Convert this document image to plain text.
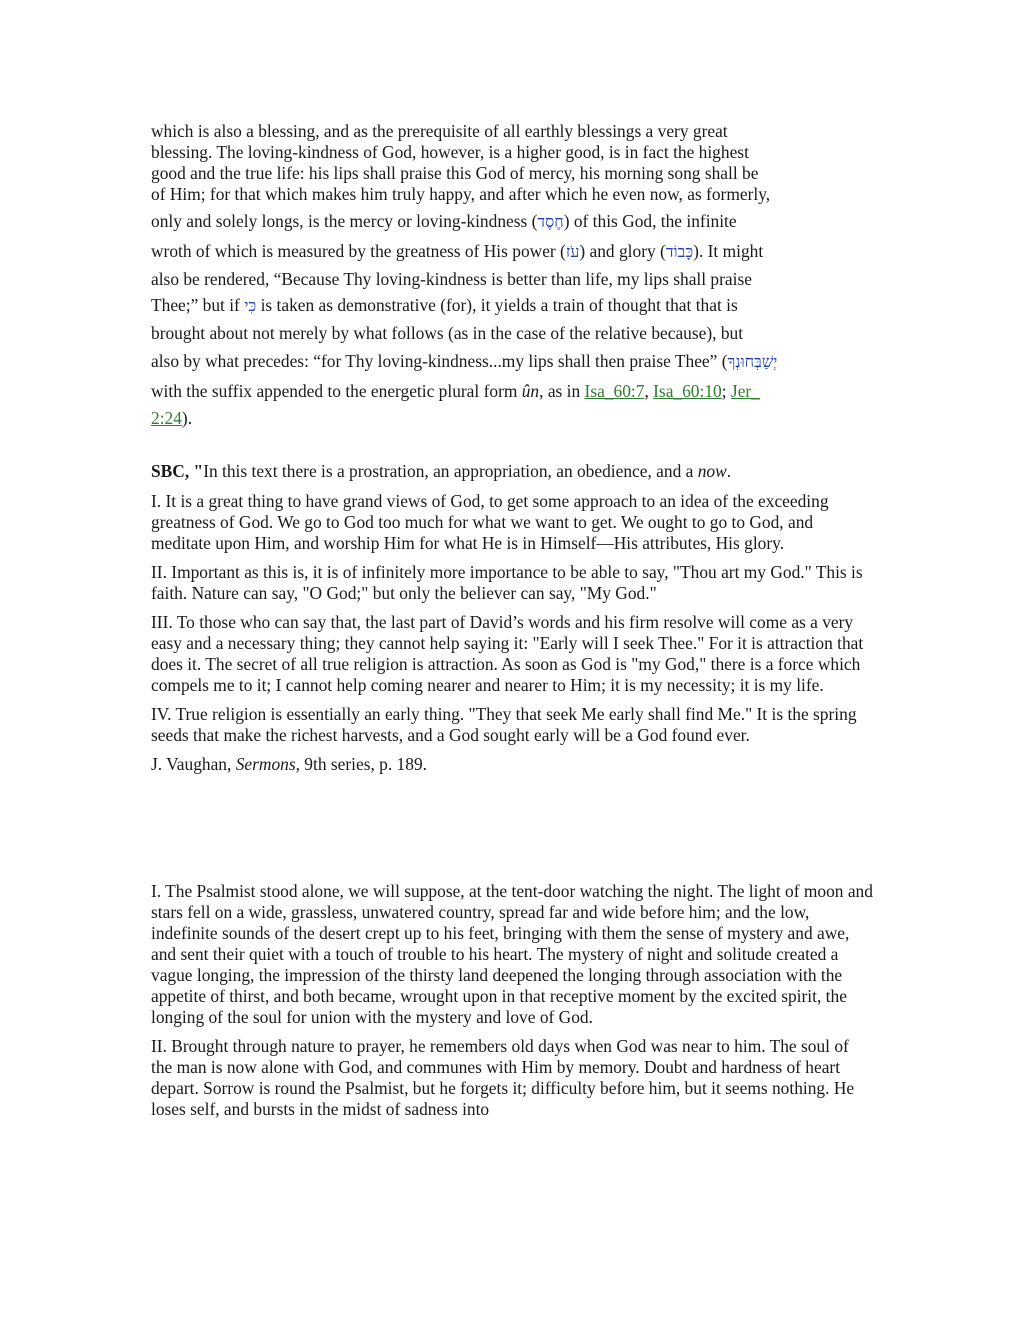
which is also a blessing, and as the prerequisite of all earthly blessings a very great

blessing. The loving-kindness of God, however, is a higher good, is in fact the highest

good and the true life: his lips shall praise this God of mercy, his morning song shall be

of Him; for that which makes him truly happy, and after which he even now, as formerly,

only and solely longs, is the mercy or loving-kindness (חֶסֶד) of this God, the infinite

wroth of which is measured by the greatness of His power (עֹז) and glory (כָּבוֹד). It might

also be rendered, “Because Thy loving-kindness is better than life, my lips shall praise

Thee;” but if כִּי is taken as demonstrative (for), it yields a train of thought that that is

brought about not merely by what follows (as in the case of the relative because), but

also by what precedes: “for Thy loving-kindness...my lips shall then praise Thee” (יְשַׁבְּחוּנְךָ

with the suffix appended to the energetic plural form ûn, as in Isa_60:7, Isa_60:10; Jer_

2:24).

SBC, "In this text there is a prostration, an appropriation, an obedience, and a now.

I. It is a great thing to have grand views of God, to get some approach to an idea of the exceeding greatness of God. We go to God too much for what we want to get. We ought to go to God, and meditate upon Him, and worship Him for what He is in Himself—His attributes, His glory.

II. Important as this is, it is of infinitely more importance to be able to say, "Thou art my God." This is faith. Nature can say, "O God;" but only the believer can say, "My God."

III. To those who can say that, the last part of David’s words and his firm resolve will come as a very easy and a necessary thing; they cannot help saying it: "Early will I seek Thee." For it is attraction that does it. The secret of all true religion is attraction. As soon as God is "my God," there is a force which compels me to it; I cannot help coming nearer and nearer to Him; it is my necessity; it is my life.

IV. True religion is essentially an early thing. "They that seek Me early shall find Me." It is the spring seeds that make the richest harvests, and a God sought early will be a God found ever.

J. Vaughan, Sermons, 9th series, p. 189.

I. The Psalmist stood alone, we will suppose, at the tent-door watching the night. The light of moon and stars fell on a wide, grassless, unwatered country, spread far and wide before him; and the low, indefinite sounds of the desert crept up to his feet, bringing with them the sense of mystery and awe, and sent their quiet with a touch of trouble to his heart. The mystery of night and solitude created a vague longing, the impression of the thirsty land deepened the longing through association with the appetite of thirst, and both became, wrought upon in that receptive moment by the excited spirit, the longing of the soul for union with the mystery and love of God.

II. Brought through nature to prayer, he remembers old days when God was near to him. The soul of the man is now alone with God, and communes with Him by memory. Doubt and hardness of heart depart. Sorrow is round the Psalmist, but he forgets it; difficulty before him, but it seems nothing. He loses self, and bursts in the midst of sadness into
